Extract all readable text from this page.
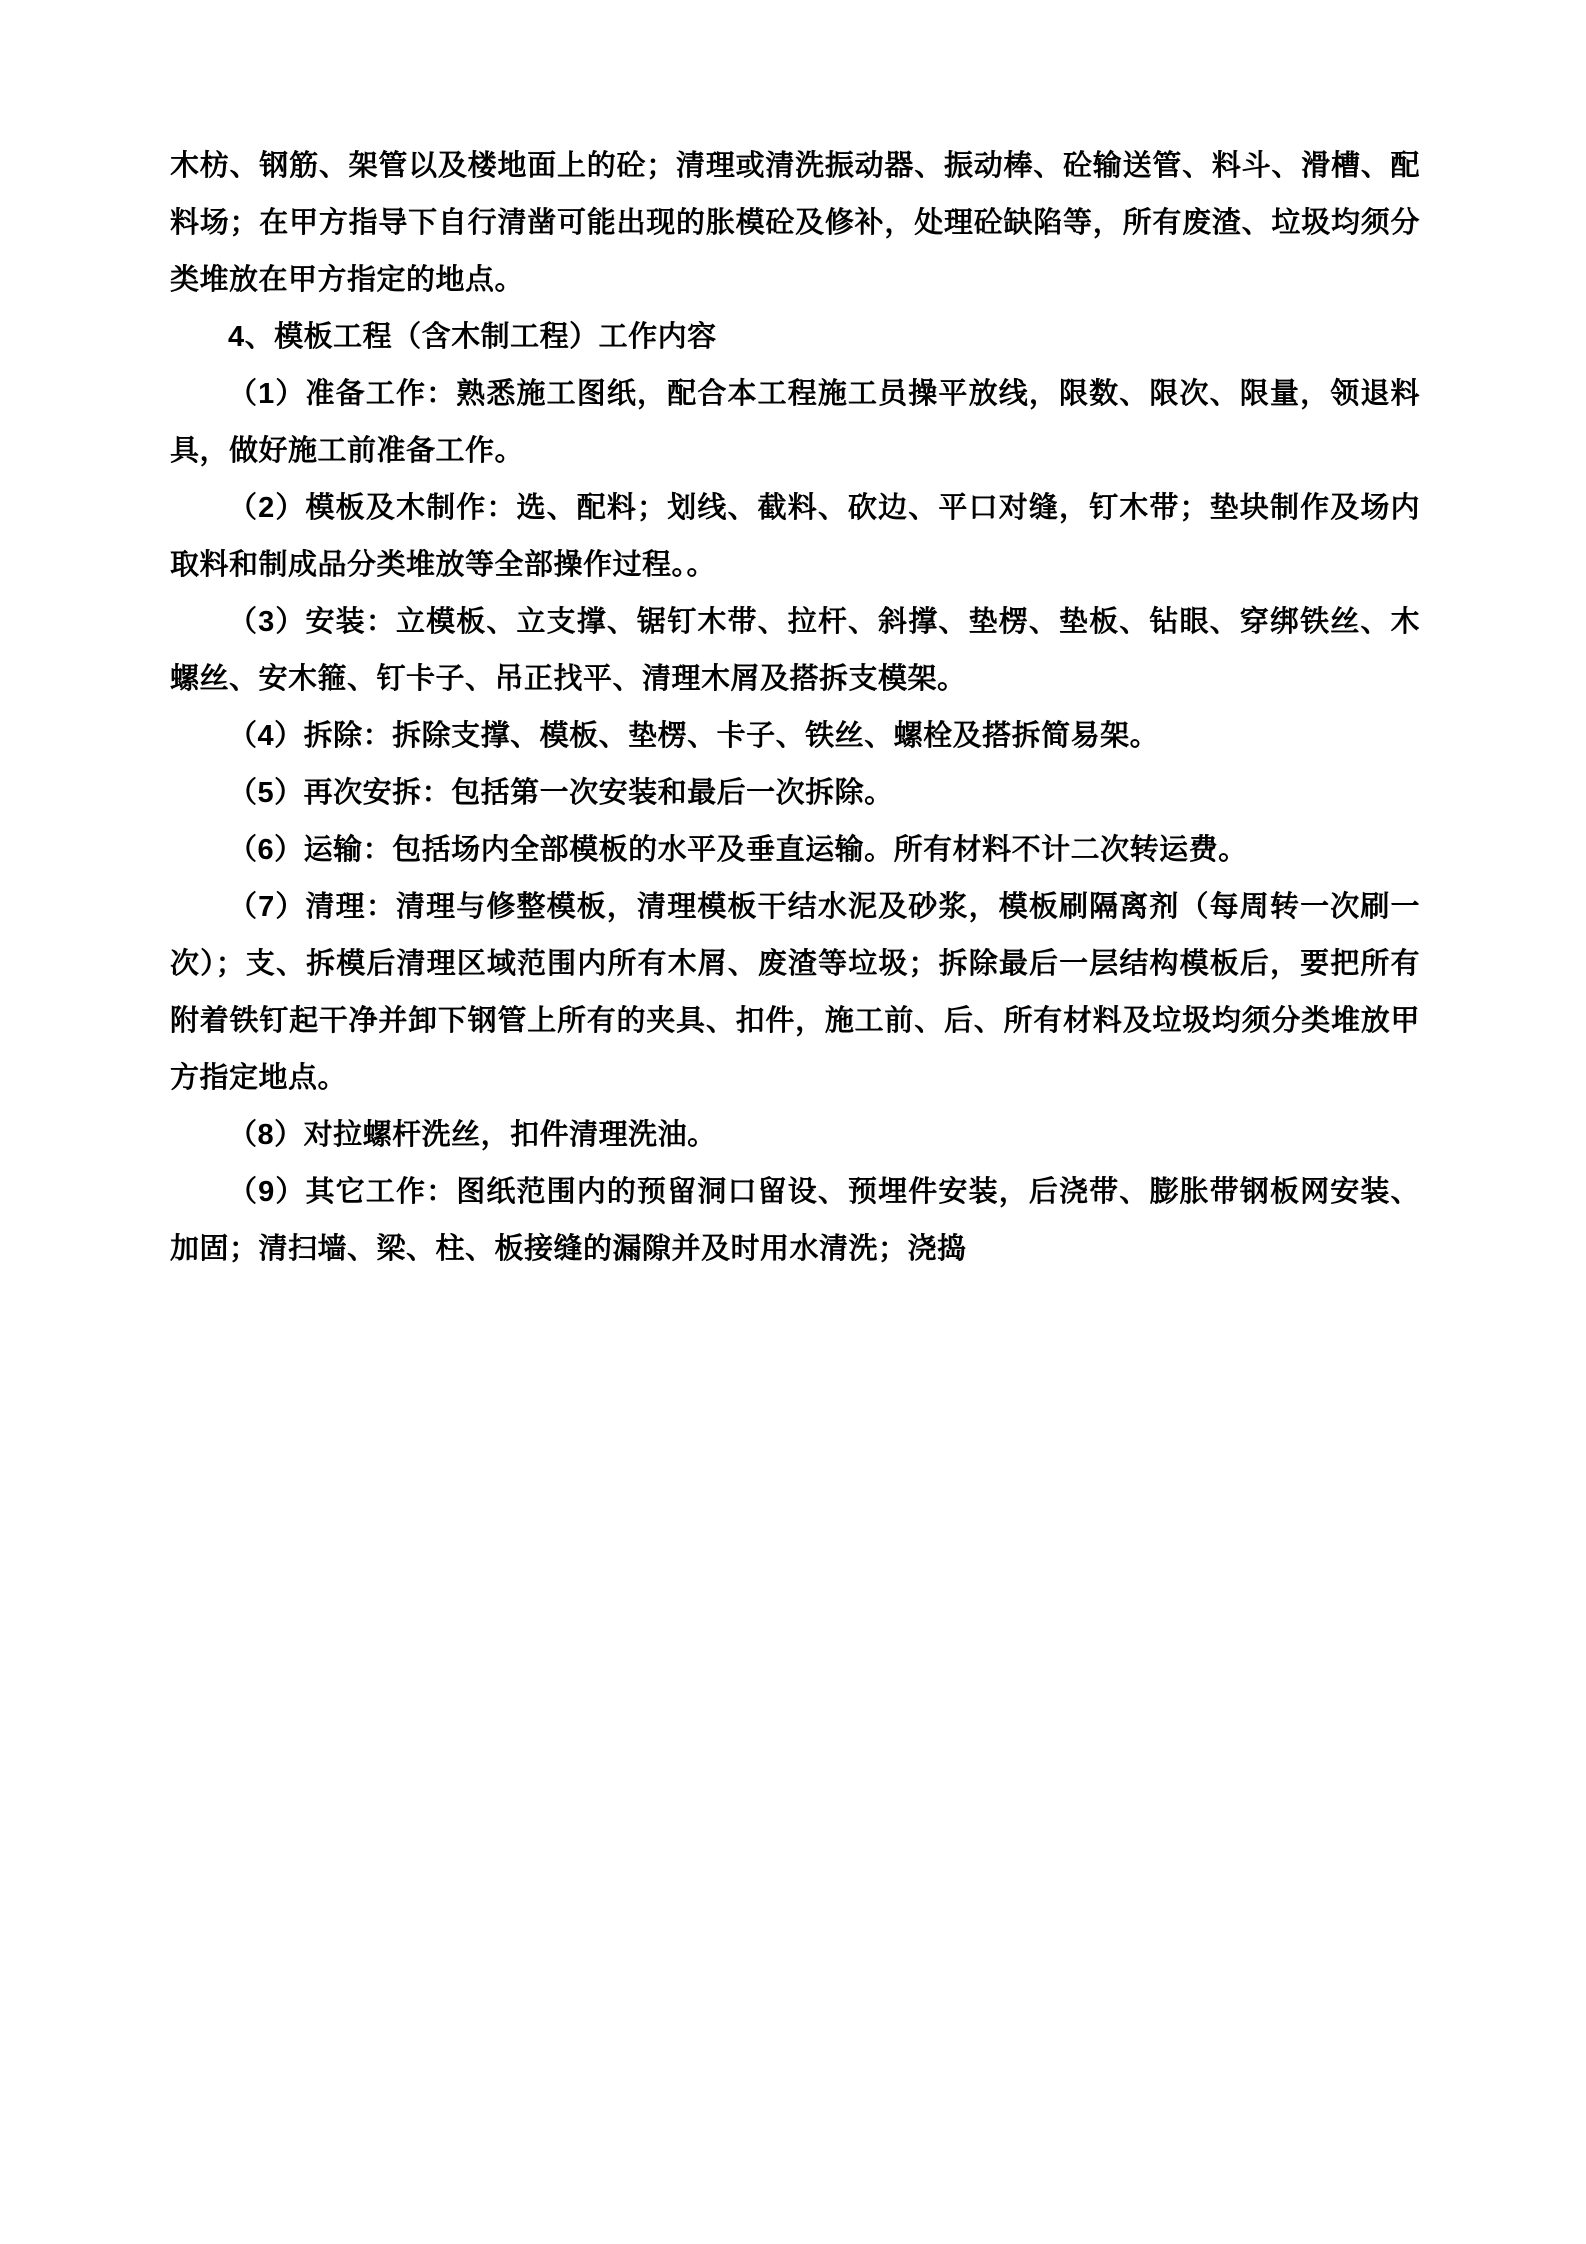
木枋、钢筋、架管以及楼地面上的砼；清理或清洗振动器、振动棒、砼输送管、料斗、滑槽、配料场；在甲方指导下自行清凿可能出现的胀模砼及修补，处理砼缺陷等，所有废渣、垃圾均须分类堆放在甲方指定的地点。

4、模板工程（含木制工程）工作内容

（1）准备工作：熟悉施工图纸，配合本工程施工员操平放线，限数、限次、限量，领退料具，做好施工前准备工作。

（2）模板及木制作：选、配料；划线、截料、砍边、平口对缝，钉木带；垫块制作及场内取料和制成品分类堆放等全部操作过程。。

（3）安装：立模板、立支撑、锯钉木带、拉杆、斜撑、垫楞、垫板、钻眼、穿绑铁丝、木螺丝、安木箍、钉卡子、吊正找平、清理木屑及搭拆支模架。

（4）拆除：拆除支撑、模板、垫楞、卡子、铁丝、螺栓及搭拆简易架。

（5）再次安拆：包括第一次安装和最后一次拆除。

（6）运输：包括场内全部模板的水平及垂直运输。所有材料不计二次转运费。

（7）清理：清理与修整模板，清理模板干结水泥及砂浆，模板刷隔离剂（每周转一次刷一次）；支、拆模后清理区域范围内所有木屑、废渣等垃圾；拆除最后一层结构模板后，要把所有附着铁钉起干净并卸下钢管上所有的夹具、扣件，施工前、后、所有材料及垃圾均须分类堆放甲方指定地点。

（8）对拉螺杆洗丝，扣件清理洗油。

（9）其它工作：图纸范围内的预留洞口留设、预埋件安装，后浇带、膨胀带钢板网安装、加固；清扫墙、梁、柱、板接缝的漏隙并及时用水清洗；浇捣
